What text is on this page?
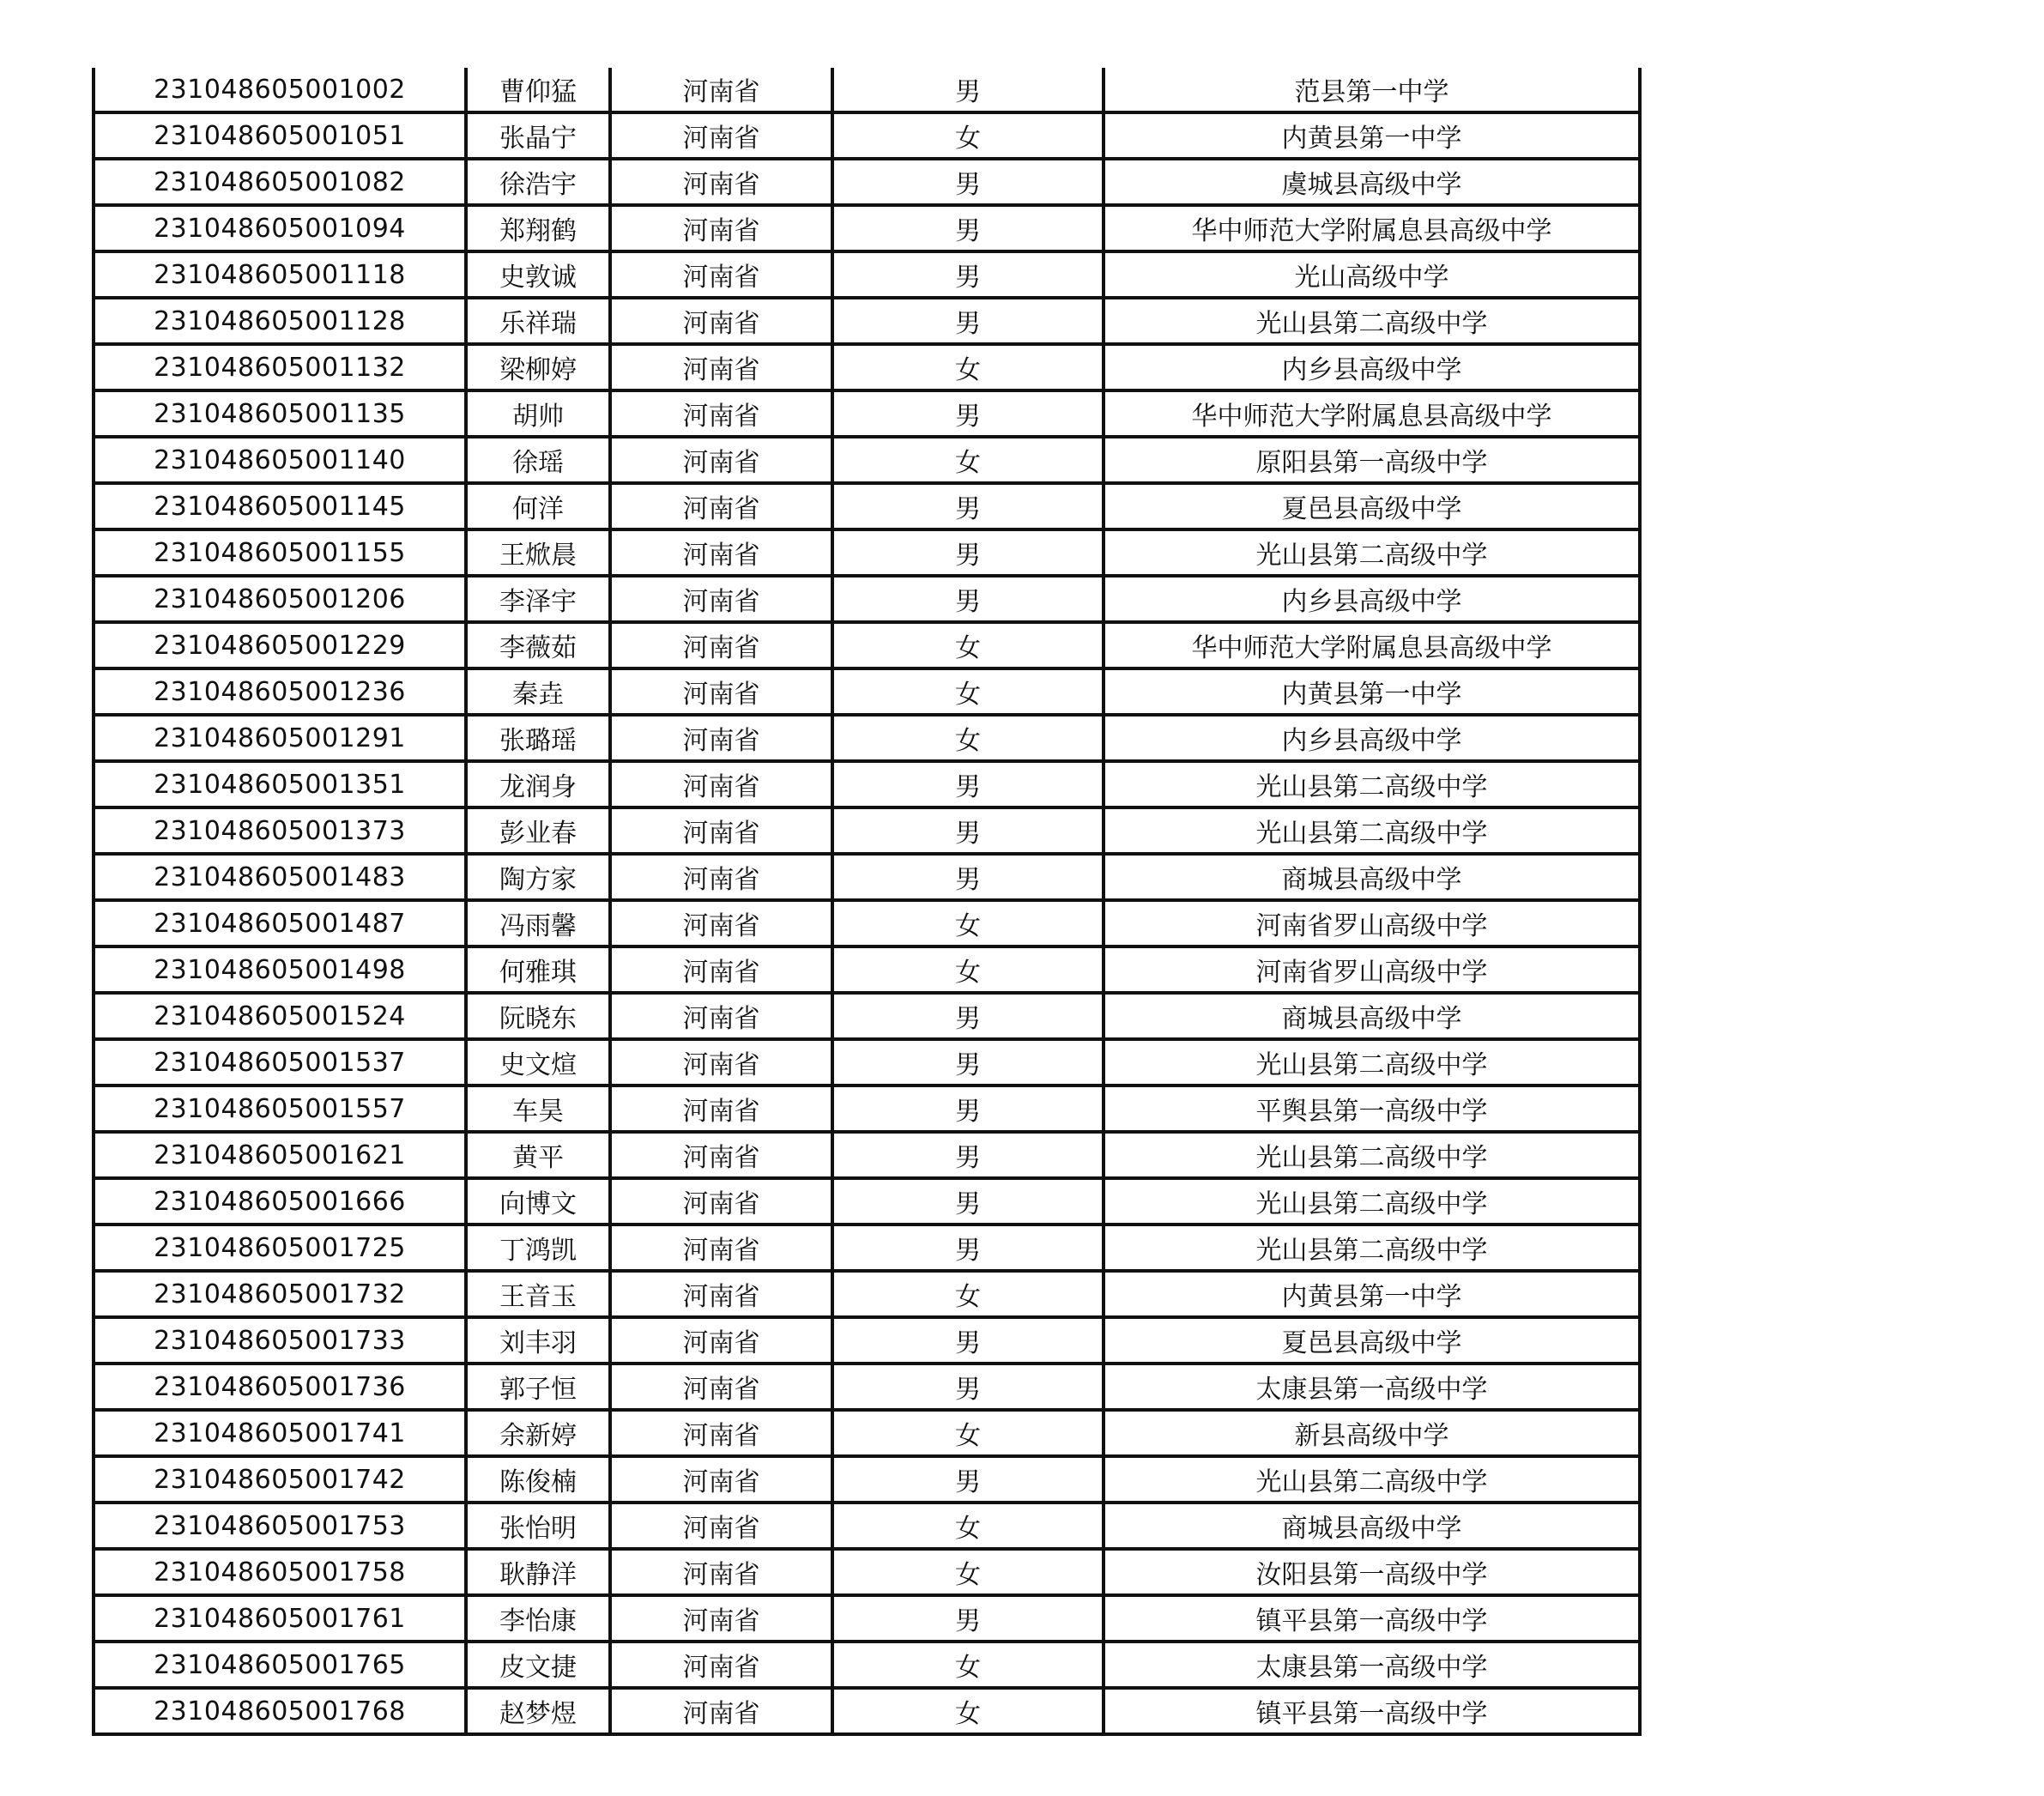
231048605001002	曹仰猛	河南省	男	范县第一中学
231048605001051	张晶宁	河南省	女	内黄县第一中学
231048605001082	徐浩宇	河南省	男	虞城县高级中学
231048605001094	郑翔鹤	河南省	男	华中师范大学附属息县高级中学
231048605001118	史敦诚	河南省	男	光山高级中学
231048605001128	乐祥瑞	河南省	男	光山县第二高级中学
231048605001132	梁柳婷	河南省	女	内乡县高级中学
231048605001135	胡帅	河南省	男	华中师范大学附属息县高级中学
231048605001140	徐瑶	河南省	女	原阳县第一高级中学
231048605001145	何洋	河南省	男	夏邑县高级中学
231048605001155	王焮晨	河南省	男	光山县第二高级中学
231048605001206	李泽宇	河南省	男	内乡县高级中学
231048605001229	李薇茹	河南省	女	华中师范大学附属息县高级中学
231048605001236	秦垚	河南省	女	内黄县第一中学
231048605001291	张璐瑶	河南省	女	内乡县高级中学
231048605001351	龙润身	河南省	男	光山县第二高级中学
231048605001373	彭业春	河南省	男	光山县第二高级中学
231048605001483	陶方家	河南省	男	商城县高级中学
231048605001487	冯雨馨	河南省	女	河南省罗山高级中学
231048605001498	何雅琪	河南省	女	河南省罗山高级中学
231048605001524	阮晓东	河南省	男	商城县高级中学
231048605001537	史文煊	河南省	男	光山县第二高级中学
231048605001557	车昊	河南省	男	平舆县第一高级中学
231048605001621	黄平	河南省	男	光山县第二高级中学
231048605001666	向博文	河南省	男	光山县第二高级中学
231048605001725	丁鸿凯	河南省	男	光山县第二高级中学
231048605001732	王音玉	河南省	女	内黄县第一中学
231048605001733	刘丰羽	河南省	男	夏邑县高级中学
231048605001736	郭子恒	河南省	男	太康县第一高级中学
231048605001741	余新婷	河南省	女	新县高级中学
231048605001742	陈俊楠	河南省	男	光山县第二高级中学
231048605001753	张怡明	河南省	女	商城县高级中学
231048605001758	耿静洋	河南省	女	汝阳县第一高级中学
231048605001761	李怡康	河南省	男	镇平县第一高级中学
231048605001765	皮文捷	河南省	女	太康县第一高级中学
231048605001768	赵梦煜	河南省	女	镇平县第一高级中学
